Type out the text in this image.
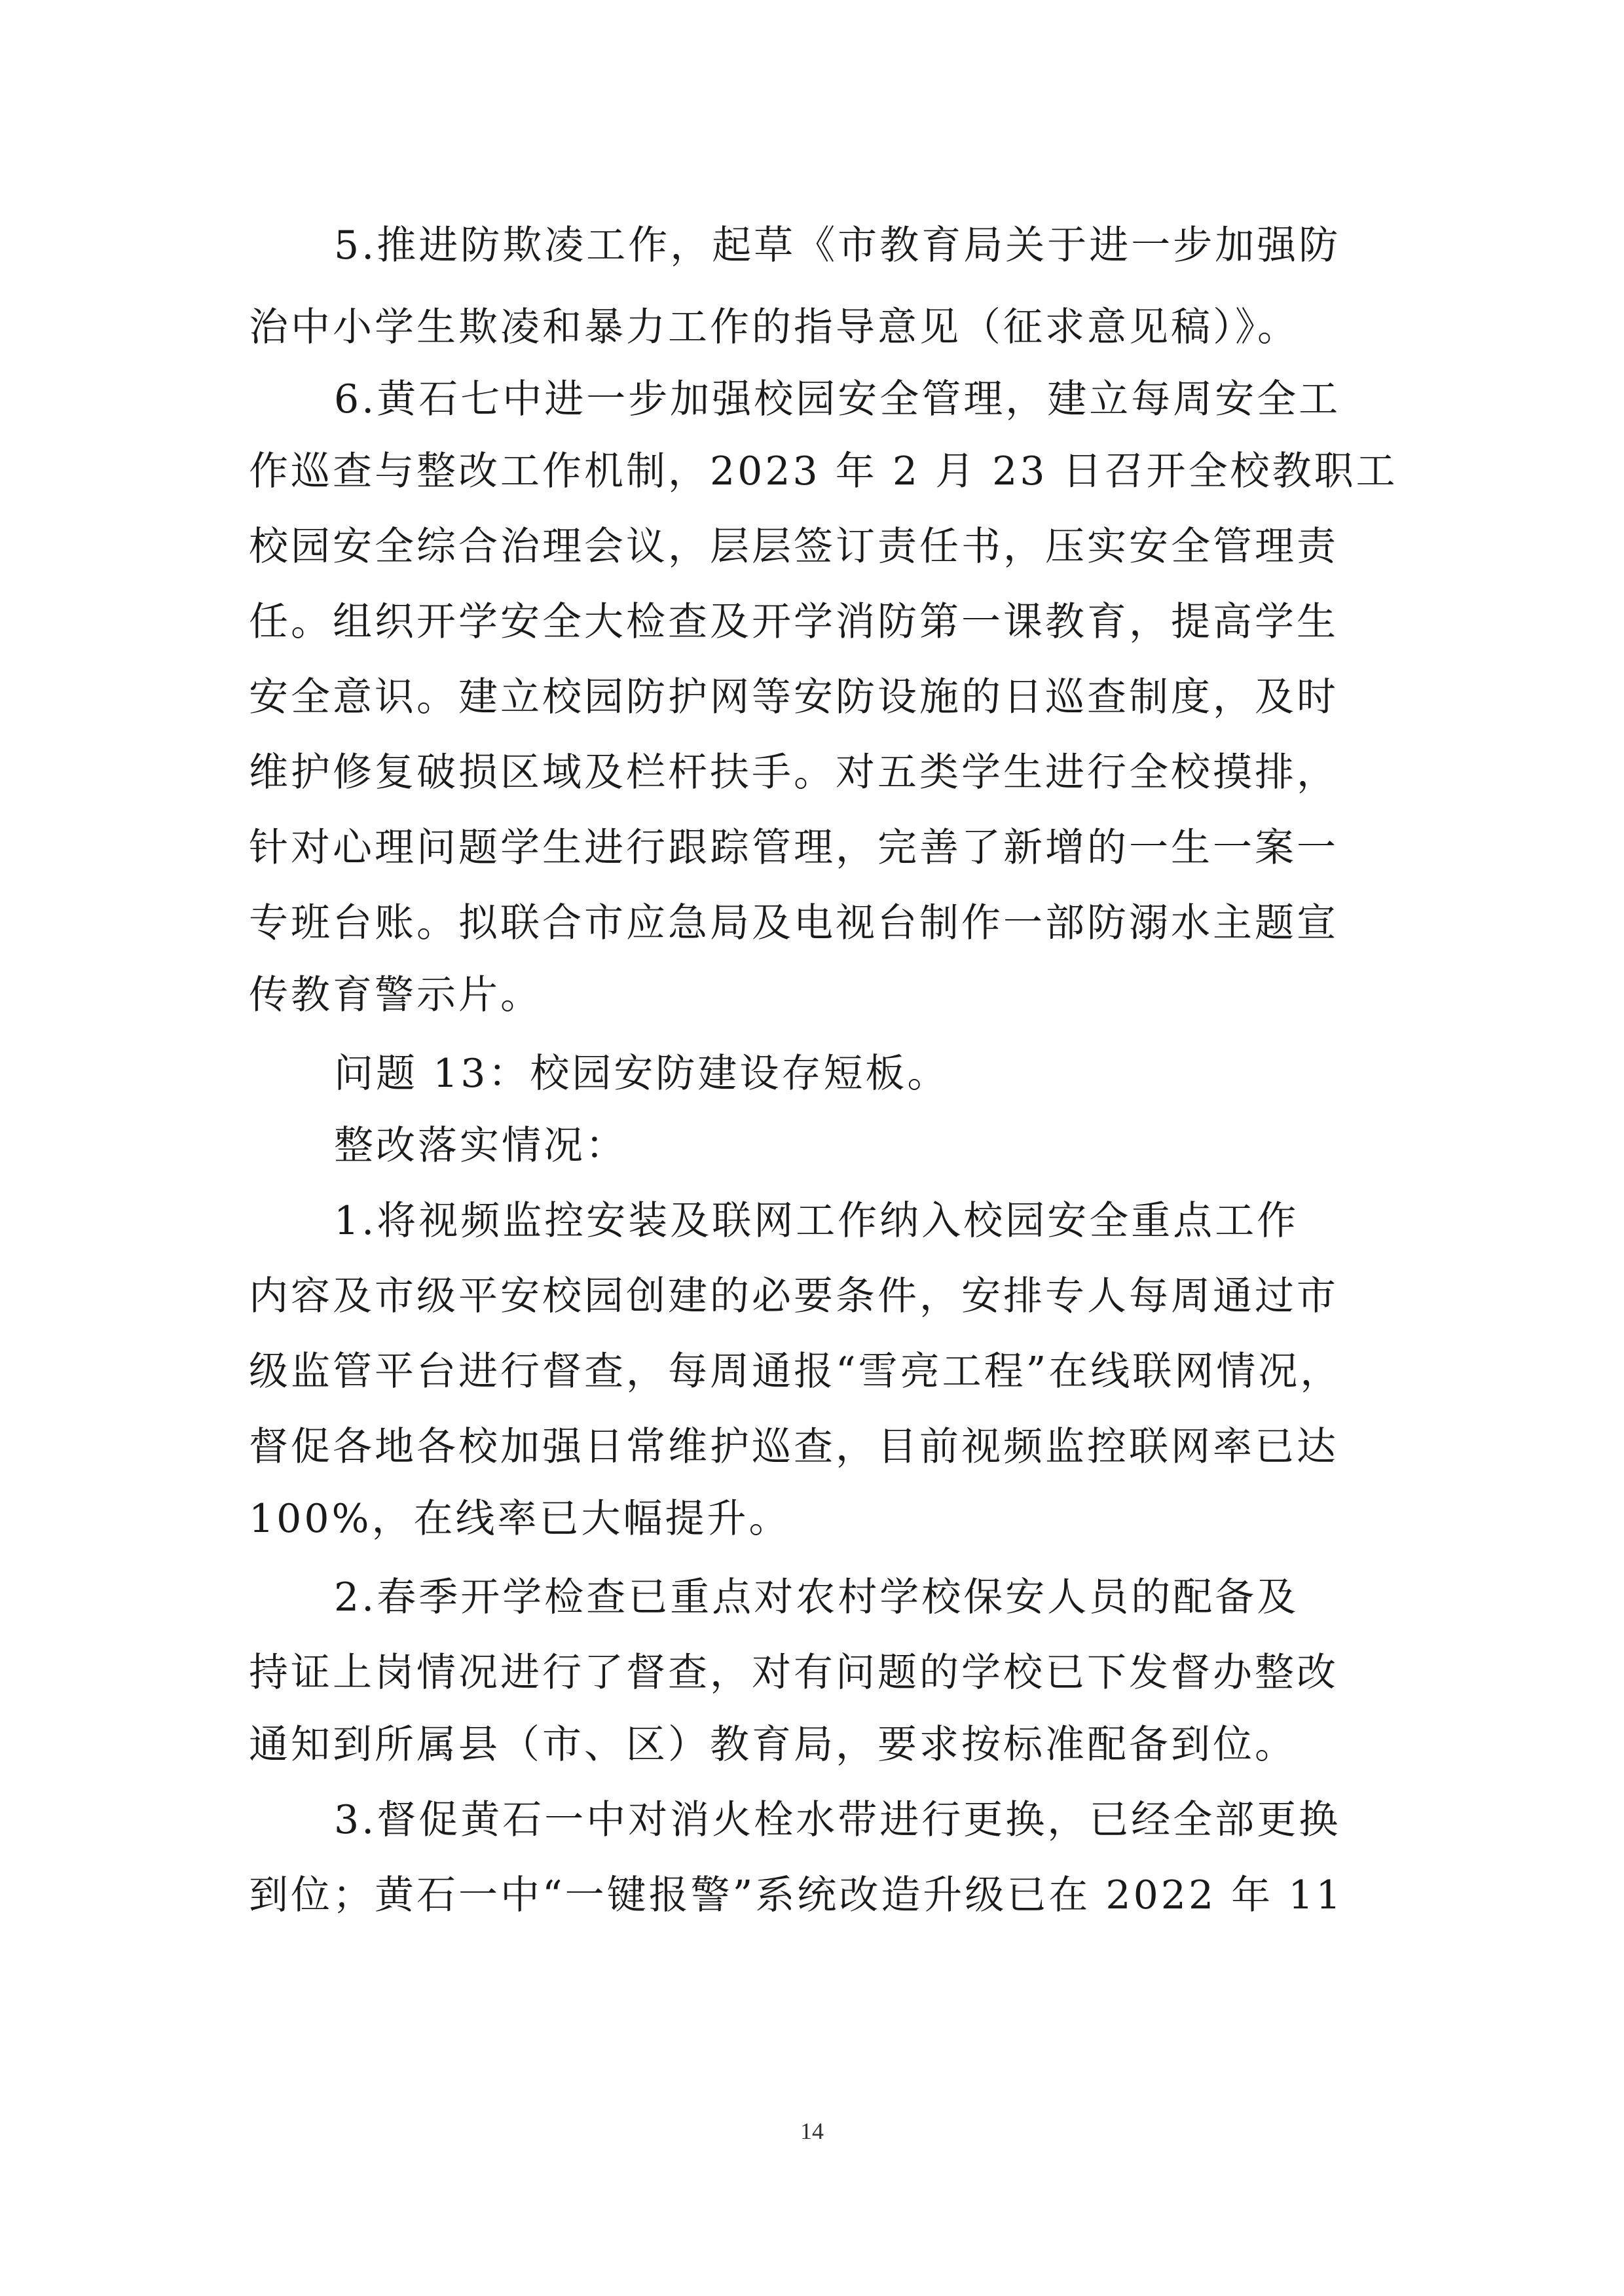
5.推进防欺凌工作，起草《市教育局关于进一步加强防
治中小学生欺凌和暴力工作的指导意见（征求意见稿）》。
6.黄石七中进一步加强校园安全管理，建立每周安全工
作巡查与整改工作机制，2023 年 2 月 23 日召开全校教职工
校园安全综合治理会议，层层签订责任书，压实安全管理责
任。组织开学安全大检查及开学消防第一课教育，提高学生
安全意识。建立校园防护网等安防设施的日巡查制度，及时
维护修复破损区域及栏杆扶手。对五类学生进行全校摸排，
针对心理问题学生进行跟踪管理，完善了新增的一生一案一
专班台账。拟联合市应急局及电视台制作一部防溺水主题宣
传教育警示片。
问题 13：校园安防建设存短板。
整改落实情况：
1.将视频监控安装及联网工作纳入校园安全重点工作
内容及市级平安校园创建的必要条件，安排专人每周通过市
级监管平台进行督查，每周通报“雪亮工程”在线联网情况，
督促各地各校加强日常维护巡查，目前视频监控联网率已达
100%，在线率已大幅提升。
2.春季开学检查已重点对农村学校保安人员的配备及
持证上岗情况进行了督查，对有问题的学校已下发督办整改
通知到所属县（市、区）教育局，要求按标准配备到位。
3.督促黄石一中对消火栓水带进行更换，已经全部更换
到位；黄石一中“一键报警”系统改造升级已在 2022 年 11
14
